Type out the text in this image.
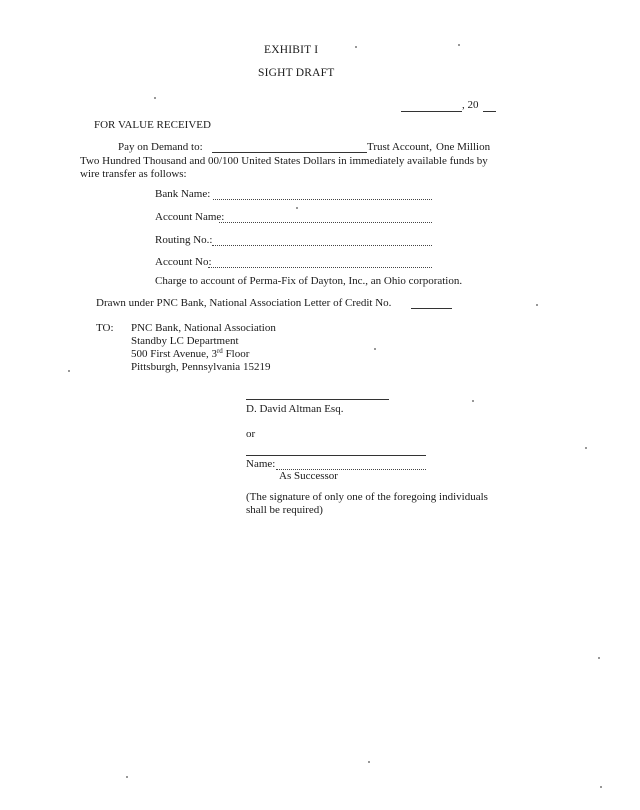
EXHIBIT I
SIGHT DRAFT
, 20
FOR VALUE RECEIVED
Pay on Demand to:	Trust Account, One Million
Two Hundred Thousand and 00/100 United States Dollars in immediately available funds by
wire transfer as follows:
Bank Name:
Account Name:
Routing No.:
Account No:
Charge to account of Perma-Fix of Dayton, Inc., an Ohio corporation.
Drawn under PNC Bank, National Association Letter of Credit No.
TO: PNC Bank, National Association
Standby LC Department
500 First Avenue, 3rd Floor
Pittsburgh, Pennsylvania 15219
D. David Altman Esq.
or
Name:
As Successor
(The signature of only one of the foregoing individuals
shall be required)
